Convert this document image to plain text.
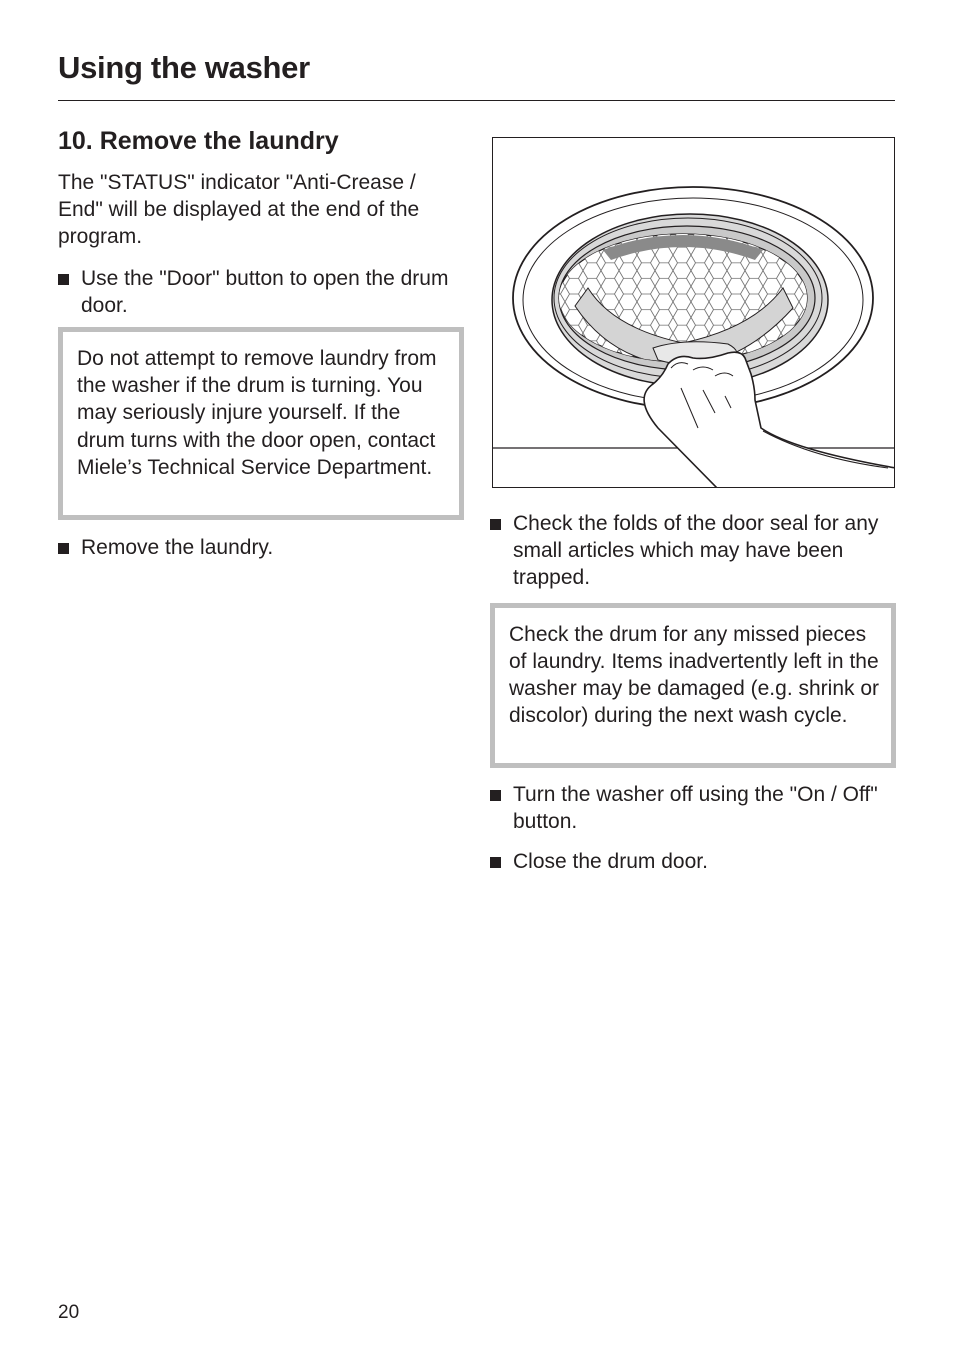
Using the washer
10. Remove the laundry

The "STATUS" indicator "Anti-Crease / End" will be displayed at the end of the program.

Use the "Door" button to open the drum door.
Do not attempt to remove laundry from the washer if the drum is turning. You may seriously injure yourself. If the drum turns with the door open, contact Miele’s Technical Service Department.
Remove the laundry.
Check the folds of the door seal for any small articles which may have been trapped.
Check the drum for any missed pieces of laundry. Items inadvertently left in the washer may be damaged (e.g. shrink or discolor) during the next wash cycle.
Turn the washer off using the "On / Off" button.
Close the drum door.
20
